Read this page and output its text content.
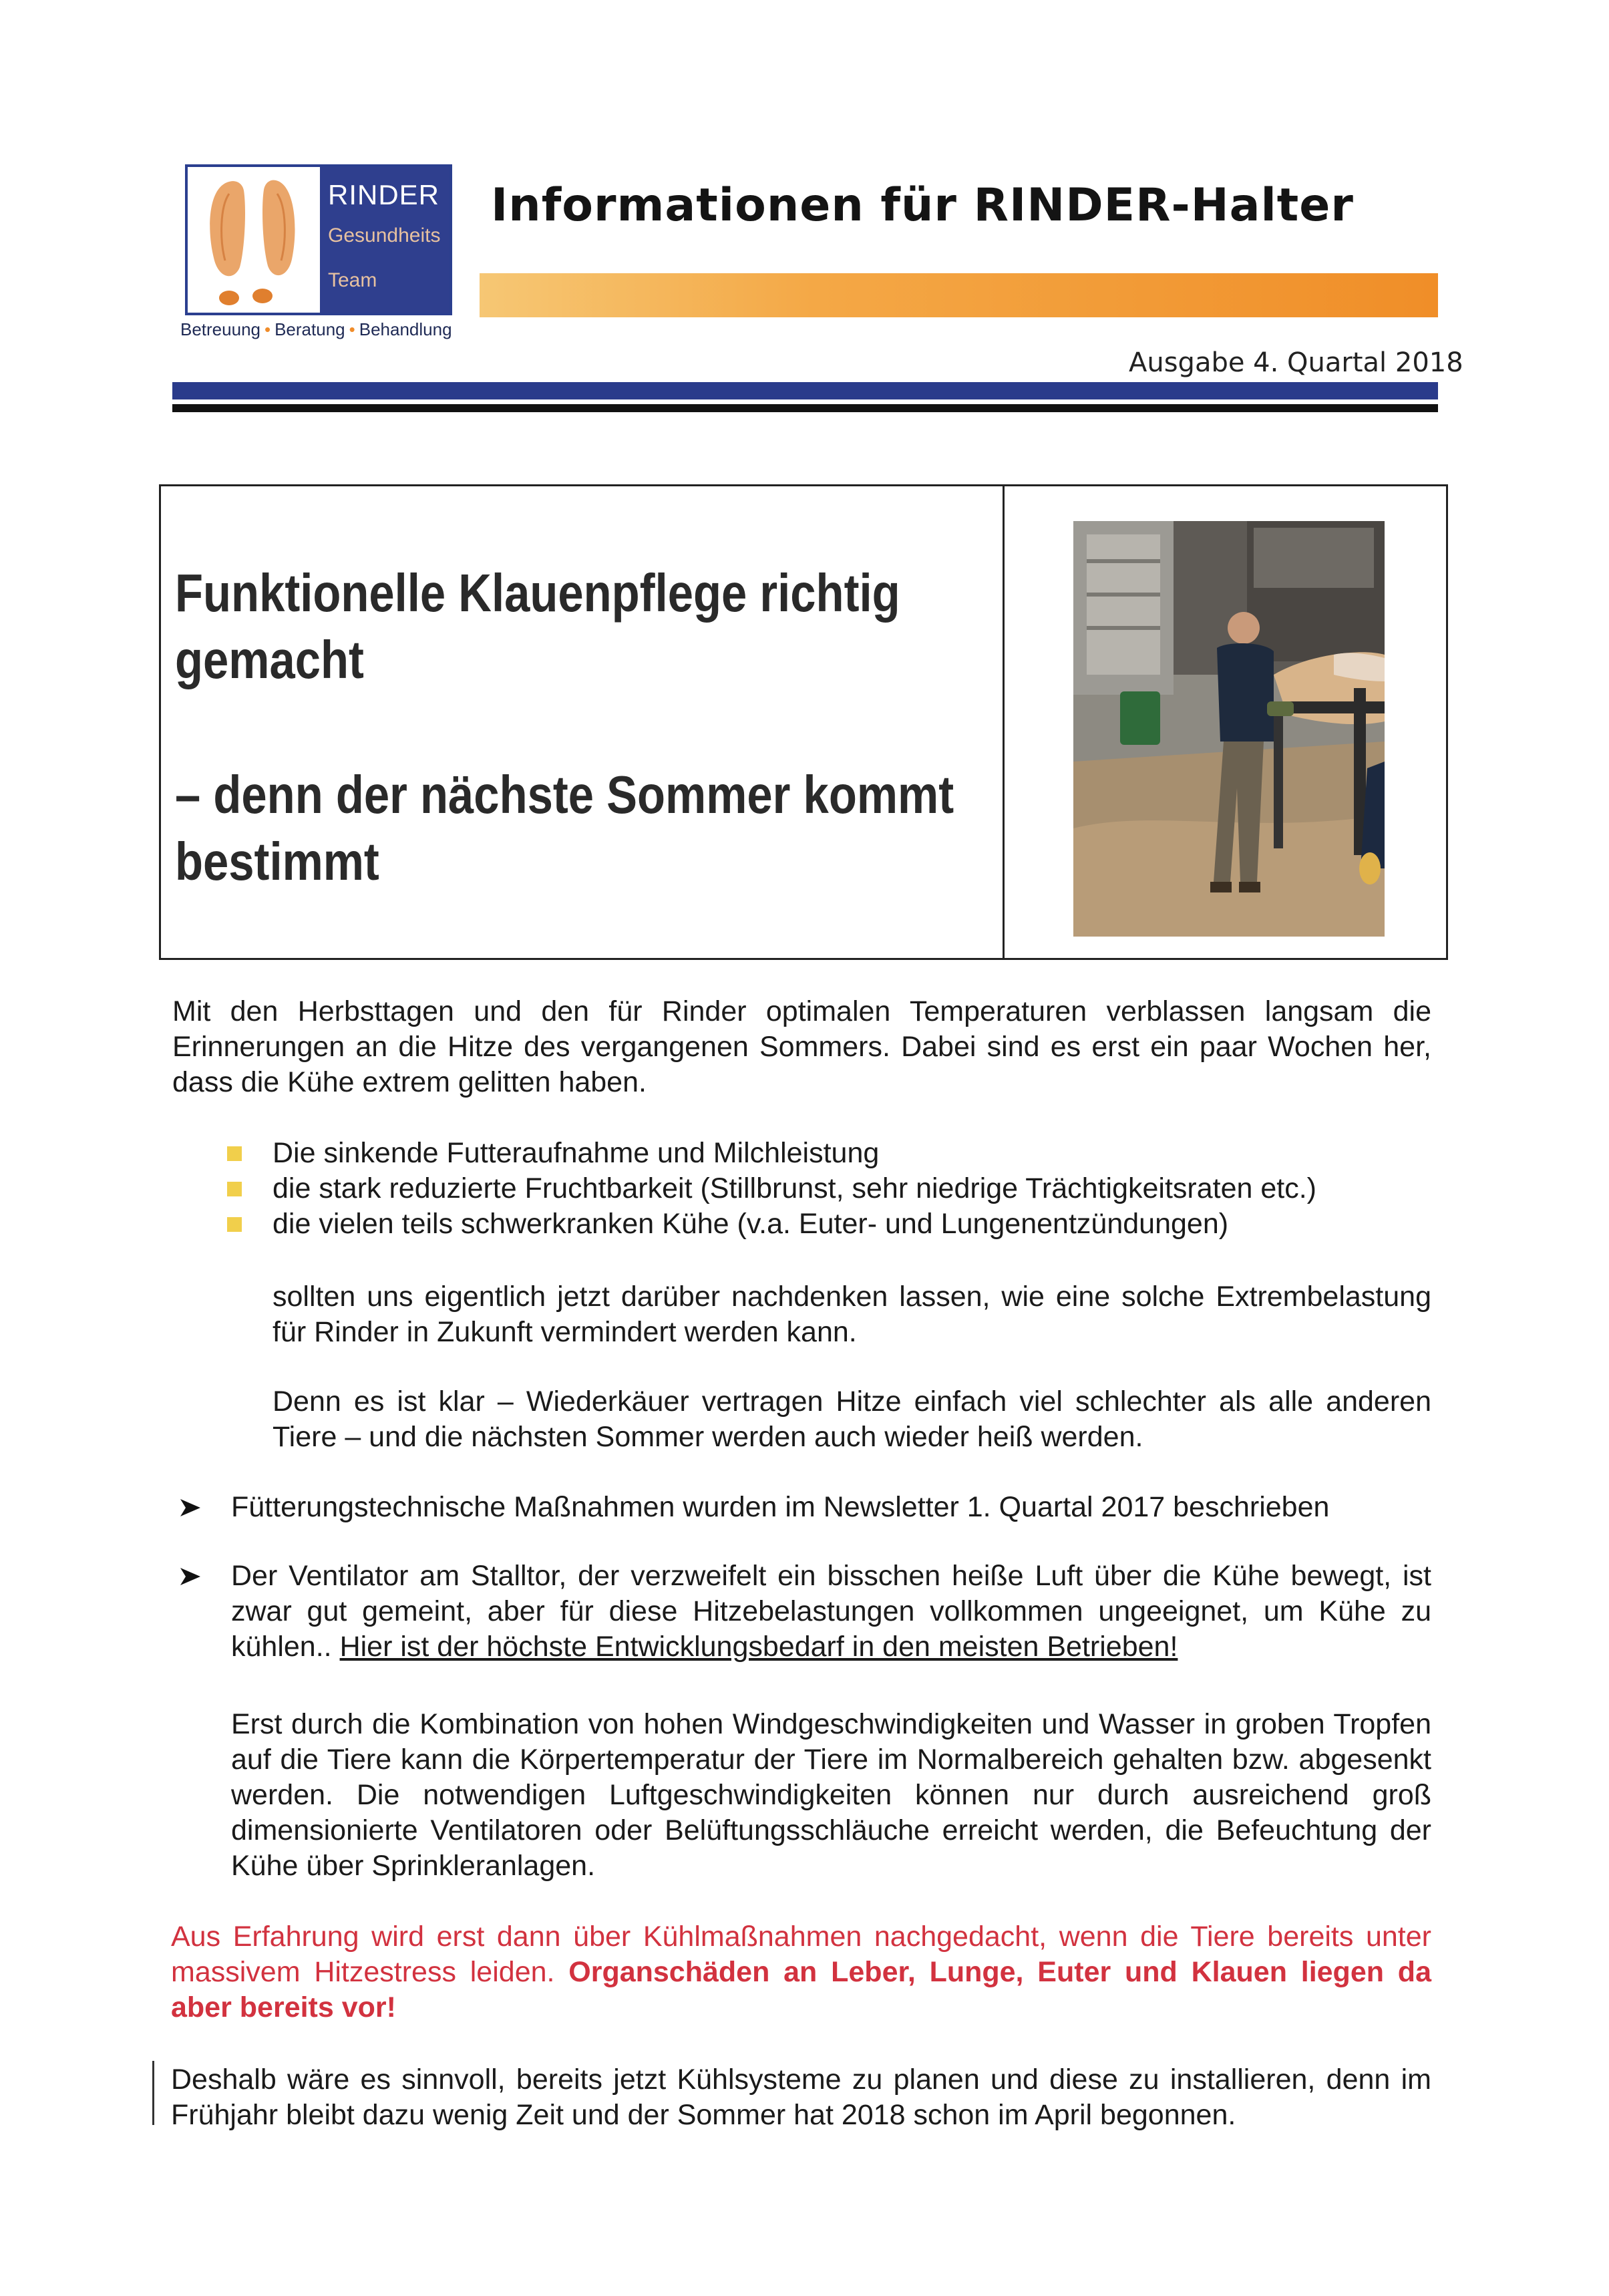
RINDER
Gesundheits
Team
Betreuung • Beratung • Behandlung
Informationen für RINDER-Halter
Ausgabe 4. Quartal 2018
Funktionelle Klauenpflege richtig
gemacht
– denn der nächste Sommer kommt
bestimmt
Mit den Herbsttagen und den für Rinder optimalen Temperaturen verblassen langsam die Erinnerungen an die Hitze des vergangenen Sommers. Dabei sind es erst ein paar Wochen her, dass die Kühe extrem gelitten haben.
Die sinkende Futteraufnahme und Milchleistung
die stark reduzierte Fruchtbarkeit (Stillbrunst, sehr niedrige Trächtigkeitsraten etc.)
die vielen teils schwerkranken Kühe (v.a. Euter- und Lungenentzündungen)
sollten uns eigentlich jetzt darüber nachdenken lassen, wie eine solche Extrembelastung für Rinder in Zukunft vermindert werden kann.
Denn es ist klar – Wiederkäuer vertragen Hitze einfach viel schlechter als alle anderen Tiere – und die nächsten Sommer werden auch wieder heiß werden.
Fütterungstechnische Maßnahmen wurden im Newsletter 1. Quartal 2017 beschrieben
Der Ventilator am Stalltor, der verzweifelt ein bisschen heiße Luft über die Kühe bewegt, ist zwar gut gemeint, aber für diese Hitzebelastungen vollkommen ungeeignet, um Kühe zu kühlen.. Hier ist der höchste Entwicklungsbedarf in den meisten Betrieben!
Erst durch die Kombination von hohen Windgeschwindigkeiten und Wasser in groben Tropfen auf die Tiere kann die Körpertemperatur der Tiere im Normalbereich gehalten bzw. abgesenkt werden. Die notwendigen Luftgeschwindigkeiten können nur durch ausreichend groß dimensionierte Ventilatoren oder Belüftungsschläuche erreicht werden, die Befeuchtung der Kühe über Sprinkleranlagen.
Aus Erfahrung wird erst dann über Kühlmaßnahmen nachgedacht, wenn die Tiere bereits unter massivem Hitzestress leiden. Organschäden an Leber, Lunge, Euter und Klauen liegen da aber bereits vor!
Deshalb wäre es sinnvoll, bereits jetzt Kühlsysteme zu planen und diese zu installieren, denn im Frühjahr bleibt dazu wenig Zeit und der Sommer hat 2018 schon im April begonnen.
